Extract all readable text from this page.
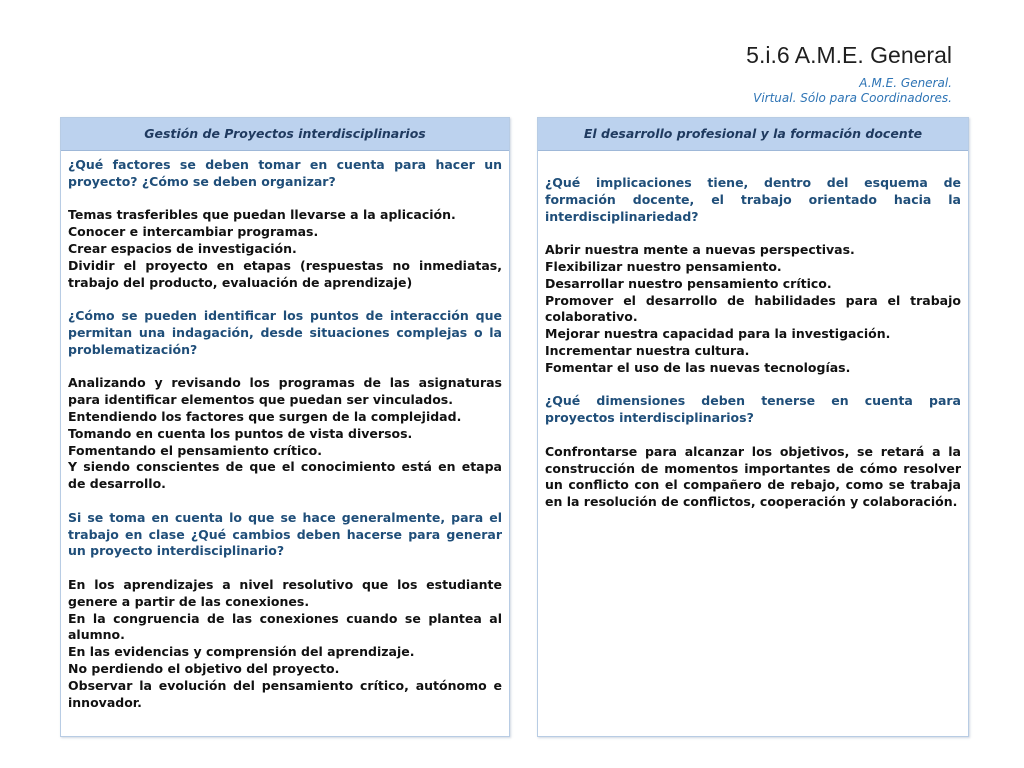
5.i.6 A.M.E. General
A.M.E. General.
Virtual. Sólo para Coordinadores.
Gestión de Proyectos interdisciplinarios

¿Qué factores se deben tomar en cuenta para hacer un proyecto? ¿Cómo se deben organizar?

Temas trasferibles que puedan llevarse a la aplicación.

Conocer e intercambiar programas.

Crear espacios de investigación.

Dividir el proyecto en etapas (respuestas no inmediatas, trabajo del producto, evaluación de aprendizaje)

¿Cómo se pueden identificar los puntos de interacción que permitan una indagación, desde situaciones complejas o la problematización?

Analizando y revisando los programas de las asignaturas para identificar elementos que puedan ser vinculados.

Entendiendo los factores que surgen de la complejidad.

Tomando en cuenta los puntos de vista diversos.

Fomentando el pensamiento crítico.

Y siendo conscientes de que el conocimiento está en etapa de desarrollo.

Si se toma en cuenta lo que se hace generalmente, para el trabajo en clase ¿Qué cambios deben hacerse para generar un proyecto interdisciplinario?

En los aprendizajes a nivel resolutivo que los estudiante genere a partir de las conexiones.

En la congruencia de las conexiones cuando se plantea al alumno.

En las evidencias y comprensión del aprendizaje.

No perdiendo el objetivo del proyecto.

Observar la evolución del pensamiento crítico, autónomo e innovador.

El desarrollo profesional y la formación docente

¿Qué implicaciones tiene, dentro del esquema de formación docente, el trabajo orientado hacia la interdisciplinariedad?

Abrir nuestra mente a nuevas perspectivas.

Flexibilizar nuestro pensamiento.

Desarrollar nuestro pensamiento crítico.

Promover el desarrollo de habilidades para el trabajo colaborativo.

Mejorar nuestra capacidad para la investigación.

Incrementar nuestra cultura.

Fomentar el uso de las nuevas tecnologías.

¿Qué dimensiones deben tenerse en cuenta para proyectos interdisciplinarios?

Confrontarse para alcanzar los objetivos, se retará a la construcción de momentos importantes de cómo resolver un conflicto con el compañero de rebajo, como se trabaja en la resolución de conflictos, cooperación y colaboración.
